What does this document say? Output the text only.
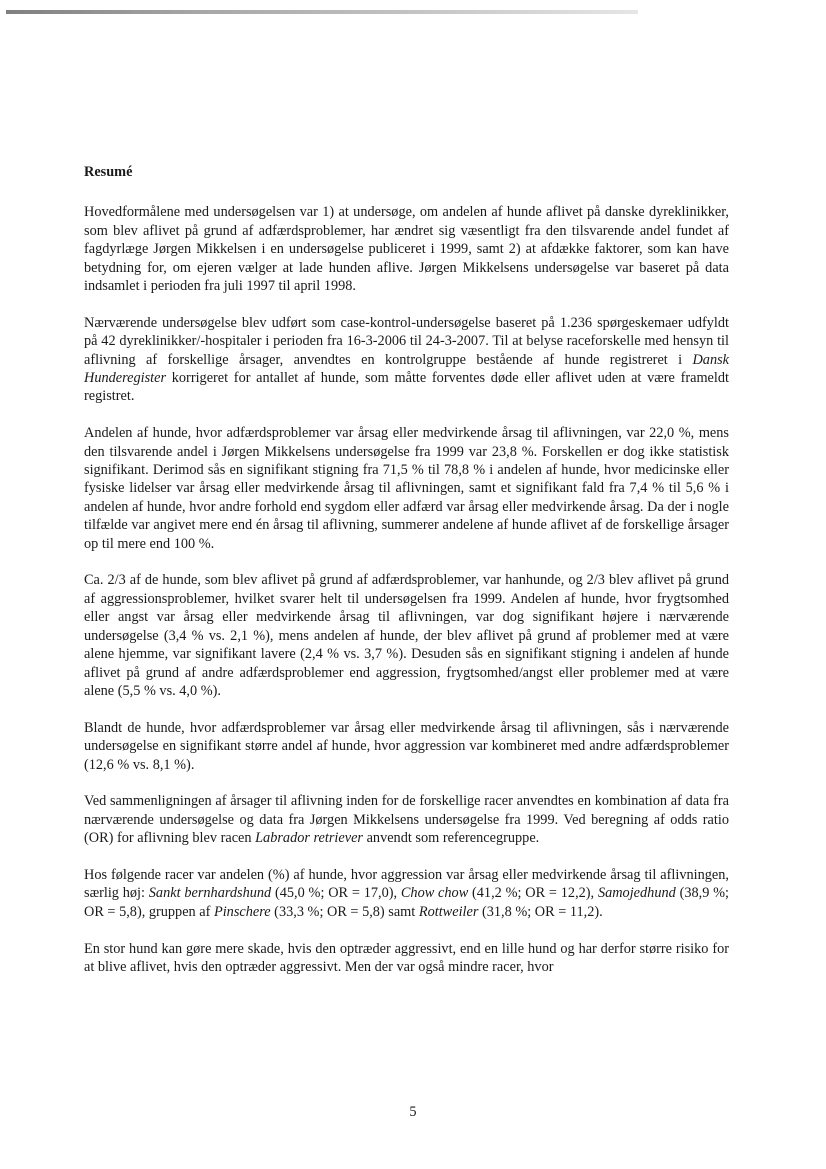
Resumé

Hovedformålene med undersøgelsen var 1) at undersøge, om andelen af hunde aflivet på danske dyreklinikker, som blev aflivet på grund af adfærdsproblemer, har ændret sig væsentligt fra den tilsvarende andel fundet af fagdyrlæge Jørgen Mikkelsen i en undersøgelse publiceret i 1999, samt 2) at afdække faktorer, som kan have betydning for, om ejeren vælger at lade hunden aflive. Jørgen Mikkelsens undersøgelse var baseret på data indsamlet i perioden fra juli 1997 til april 1998.

Nærværende undersøgelse blev udført som case-kontrol-undersøgelse baseret på 1.236 spørgeskemaer udfyldt på 42 dyreklinikker/-hospitaler i perioden fra 16-3-2006 til 24-3-2007. Til at belyse raceforskelle med hensyn til aflivning af forskellige årsager, anvendtes en kontrolgruppe bestående af hunde registreret i Dansk Hunderegister korrigeret for antallet af hunde, som måtte forventes døde eller aflivet uden at være frameldt registret.

Andelen af hunde, hvor adfærdsproblemer var årsag eller medvirkende årsag til aflivningen, var 22,0 %, mens den tilsvarende andel i Jørgen Mikkelsens undersøgelse fra 1999 var 23,8 %. Forskellen er dog ikke statistisk signifikant. Derimod sås en signifikant stigning fra 71,5 % til 78,8 % i andelen af hunde, hvor medicinske eller fysiske lidelser var årsag eller medvirkende årsag til aflivningen, samt et signifikant fald fra 7,4 % til 5,6 % i andelen af hunde, hvor andre forhold end sygdom eller adfærd var årsag eller medvirkende årsag. Da der i nogle tilfælde var angivet mere end én årsag til aflivning, summerer andelene af hunde aflivet af de forskellige årsager op til mere end 100 %.

Ca. 2/3 af de hunde, som blev aflivet på grund af adfærdsproblemer, var hanhunde, og 2/3 blev aflivet på grund af aggressionsproblemer, hvilket svarer helt til undersøgelsen fra 1999. Andelen af hunde, hvor frygtsomhed eller angst var årsag eller medvirkende årsag til aflivningen, var dog signifikant højere i nærværende undersøgelse (3,4 % vs. 2,1 %), mens andelen af hunde, der blev aflivet på grund af problemer med at være alene hjemme, var signifikant lavere (2,4 % vs. 3,7 %). Desuden sås en signifikant stigning i andelen af hunde aflivet på grund af andre adfærdsproblemer end aggression, frygtsomhed/angst eller problemer med at være alene (5,5 % vs. 4,0 %).

Blandt de hunde, hvor adfærdsproblemer var årsag eller medvirkende årsag til aflivningen, sås i nærværende undersøgelse en signifikant større andel af hunde, hvor aggression var kombineret med andre adfærdsproblemer (12,6 % vs. 8,1 %).

Ved sammenligningen af årsager til aflivning inden for de forskellige racer anvendtes en kombination af data fra nærværende undersøgelse og data fra Jørgen Mikkelsens undersøgelse fra 1999. Ved beregning af odds ratio (OR) for aflivning blev racen Labrador retriever anvendt som referencegruppe.

Hos følgende racer var andelen (%) af hunde, hvor aggression var årsag eller medvirkende årsag til aflivningen, særlig høj: Sankt bernhardshund (45,0 %; OR = 17,0), Chow chow (41,2 %; OR = 12,2), Samojedhund (38,9 %; OR = 5,8), gruppen af Pinschere (33,3 %; OR = 5,8) samt Rottweiler (31,8 %; OR = 11,2).

En stor hund kan gøre mere skade, hvis den optræder aggressivt, end en lille hund og har derfor større risiko for at blive aflivet, hvis den optræder aggressivt. Men der var også mindre racer, hvor

5
